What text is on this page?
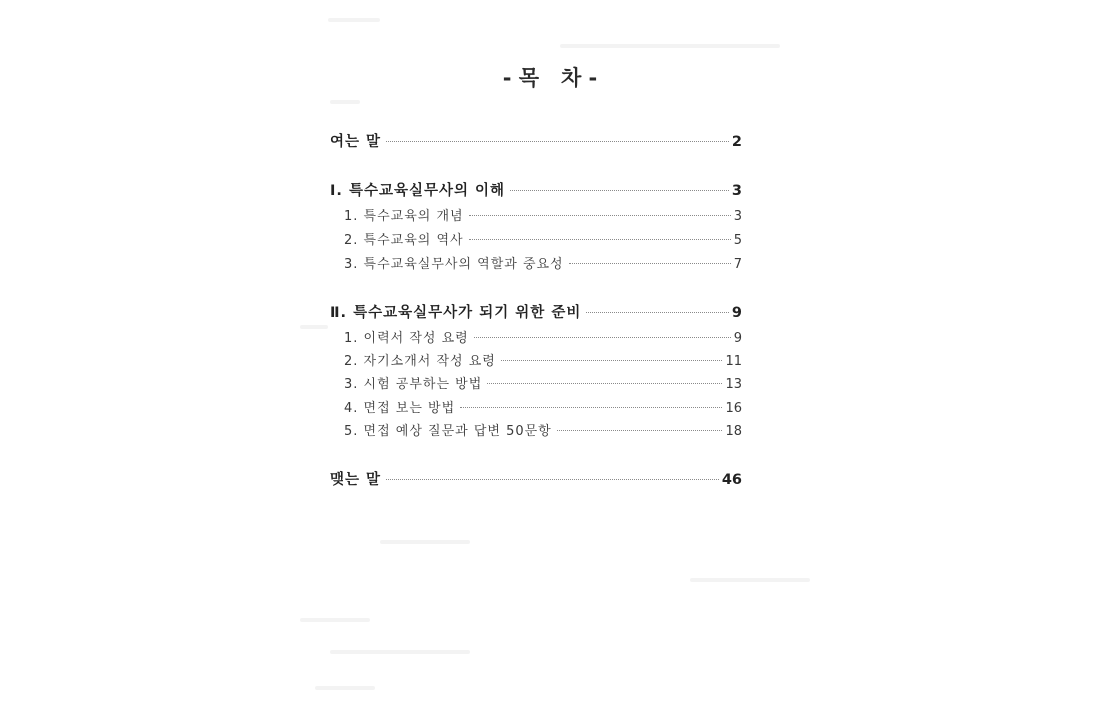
- 목   차 -
여는 말	2
Ⅰ. 특수교육실무사의 이해	3
1. 특수교육의 개념	3
2. 특수교육의 역사	5
3. 특수교육실무사의 역할과 중요성	7
Ⅱ. 특수교육실무사가 되기 위한 준비	9
1. 이력서 작성 요령	9
2. 자기소개서 작성 요령	11
3. 시험 공부하는 방법	13
4. 면접 보는 방법	16
5. 면접 예상 질문과 답변 50문항	18
맺는 말	46
